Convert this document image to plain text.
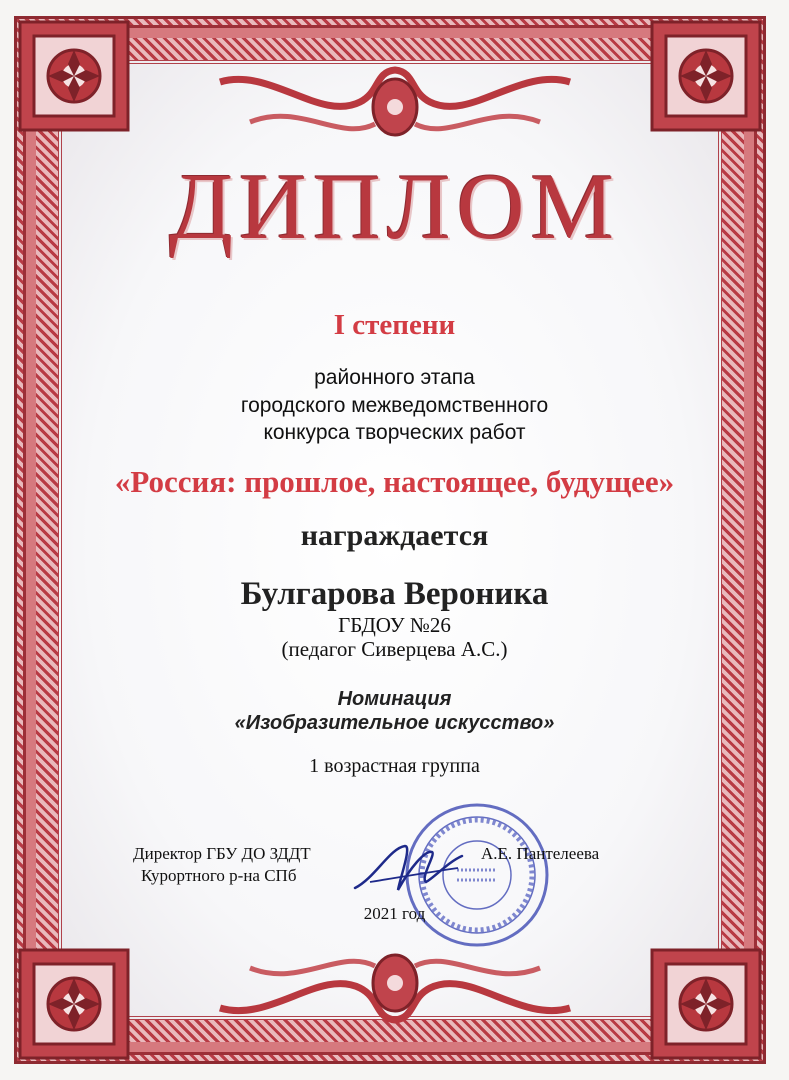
ДИПЛОМ
I степени
районного этапа
городского межведомственного
конкурса творческих работ
«Россия: прошлое, настоящее, будущее»
награждается
Булгарова Вероника
ГБДОУ №26
(педагог Сиверцева А.С.)
Номинация
«Изобразительное искусство»
1 возрастная группа
Директор ГБУ ДО ЗДДТ
Курортного р-на СПб
А.Е. Пантелеева
2021 год
